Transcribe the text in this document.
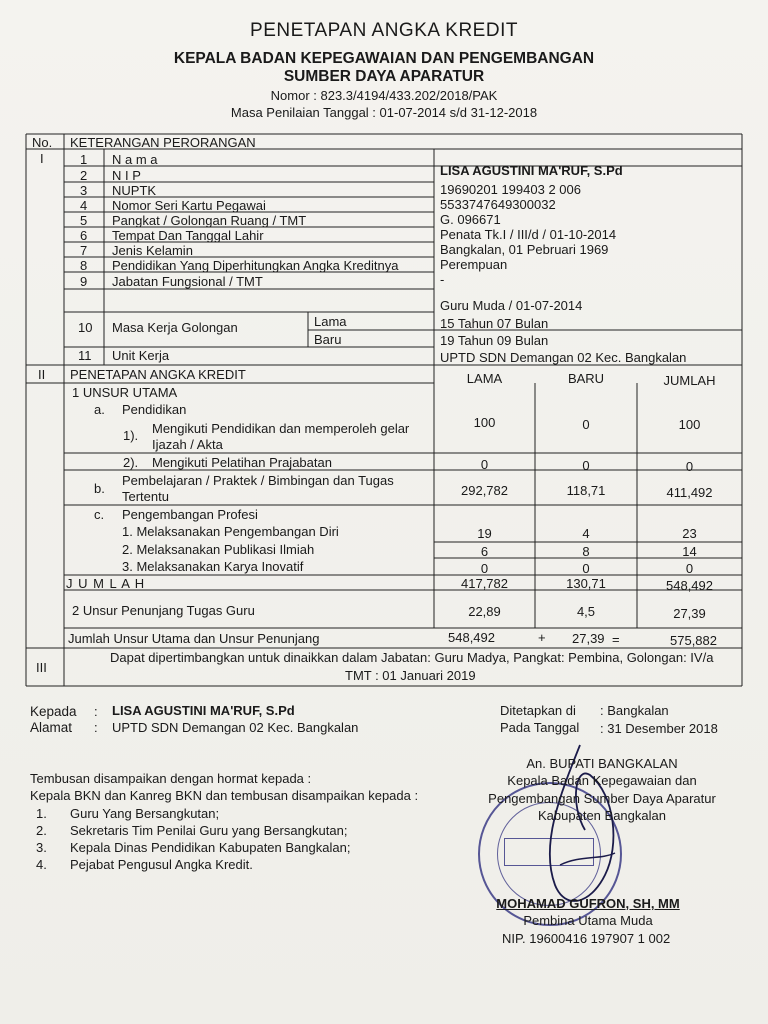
PENETAPAN ANGKA KREDIT
KEPALA BADAN KEPEGAWAIAN DAN PENGEMBANGAN
SUMBER DAYA APARATUR
Nomor : 823.3/4194/433.202/2018/PAK
Masa Penilaian Tanggal : 01-07-2014 s/d 31-12-2018
No. KETERANGAN PERORANGAN
I	1 N a m a
LISA AGUSTINI MA'RUF, S.Pd
2 N I P
19690201 199403 2 006
3 NUPTK
5533747649300032
4 Nomor Seri Kartu Pegawai
G. 096671
5 Pangkat / Golongan Ruang / TMT
Penata Tk.I / III/d / 01-10-2014
6 Tempat Dan Tanggal Lahir
Bangkalan, 01 Pebruari 1969
7 Jenis Kelamin
Perempuan
8 Pendidikan Yang Diperhitungkan Angka Kreditnya
-
9 Jabatan Fungsional / TMT
Guru Muda / 01-07-2014
10 Masa Kerja Golongan	Lama	15 Tahun 07 Bulan
Baru	19 Tahun 09 Bulan
11 Unit Kerja	UPTD SDN Demangan 02 Kec. Bangkalan
II PENETAPAN ANGKA KREDIT	LAMA	BARU	JUMLAH
1 UNSUR UTAMA
a. Pendidikan
1). Mengikuti Pendidikan dan memperoleh gelar
Ijazah / Akta
100	0	100
2). Mengikuti Pelatihan Prajabatan	0	0	0
b.
Pembelajaran / Praktek / Bimbingan dan Tugas
Tertentu	292,782	118,71	411,492
c. Pengembangan Profesi
1. Melaksanakan Pengembangan Diri	19	4	23
2. Melaksanakan Publikasi Ilmiah	6	8	14
3. Melaksanakan Karya Inovatif	0	0	0
J U M L A H	417,782	130,71	548,492
2 Unsur Penunjang Tugas Guru	22,89	4,5	27,39
Jumlah Unsur Utama dan Unsur Penunjang	548,492	+ 27,39 =	575,882
III
Dapat dipertimbangkan untuk dinaikkan dalam Jabatan: Guru Madya, Pangkat: Pembina, Golongan: IV/a
TMT : 01 Januari 2019
Kepada : LISA AGUSTINI MA'RUF, S.Pd
Alamat : UPTD SDN Demangan 02 Kec. Bangkalan
Ditetapkan di : Bangkalan
Pada Tanggal : 31 Desember 2018
Tembusan disampaikan dengan hormat kepada :
Kepala BKN dan Kanreg BKN dan tembusan disampaikan kepada :
1. Guru Yang Bersangkutan;
2. Sekretaris Tim Penilai Guru yang Bersangkutan;
3. Kepala Dinas Pendidikan Kabupaten Bangkalan;
4. Pejabat Pengusul Angka Kredit.
An. BUPATI BANGKALAN
Kepala Badan Kepegawaian dan
Pengembangan Sumber Daya Aparatur
Kabupaten Bangkalan
MOHAMAD GUFRON, SH, MM
Pembina Utama Muda
NIP. 19600416 197907 1 002
